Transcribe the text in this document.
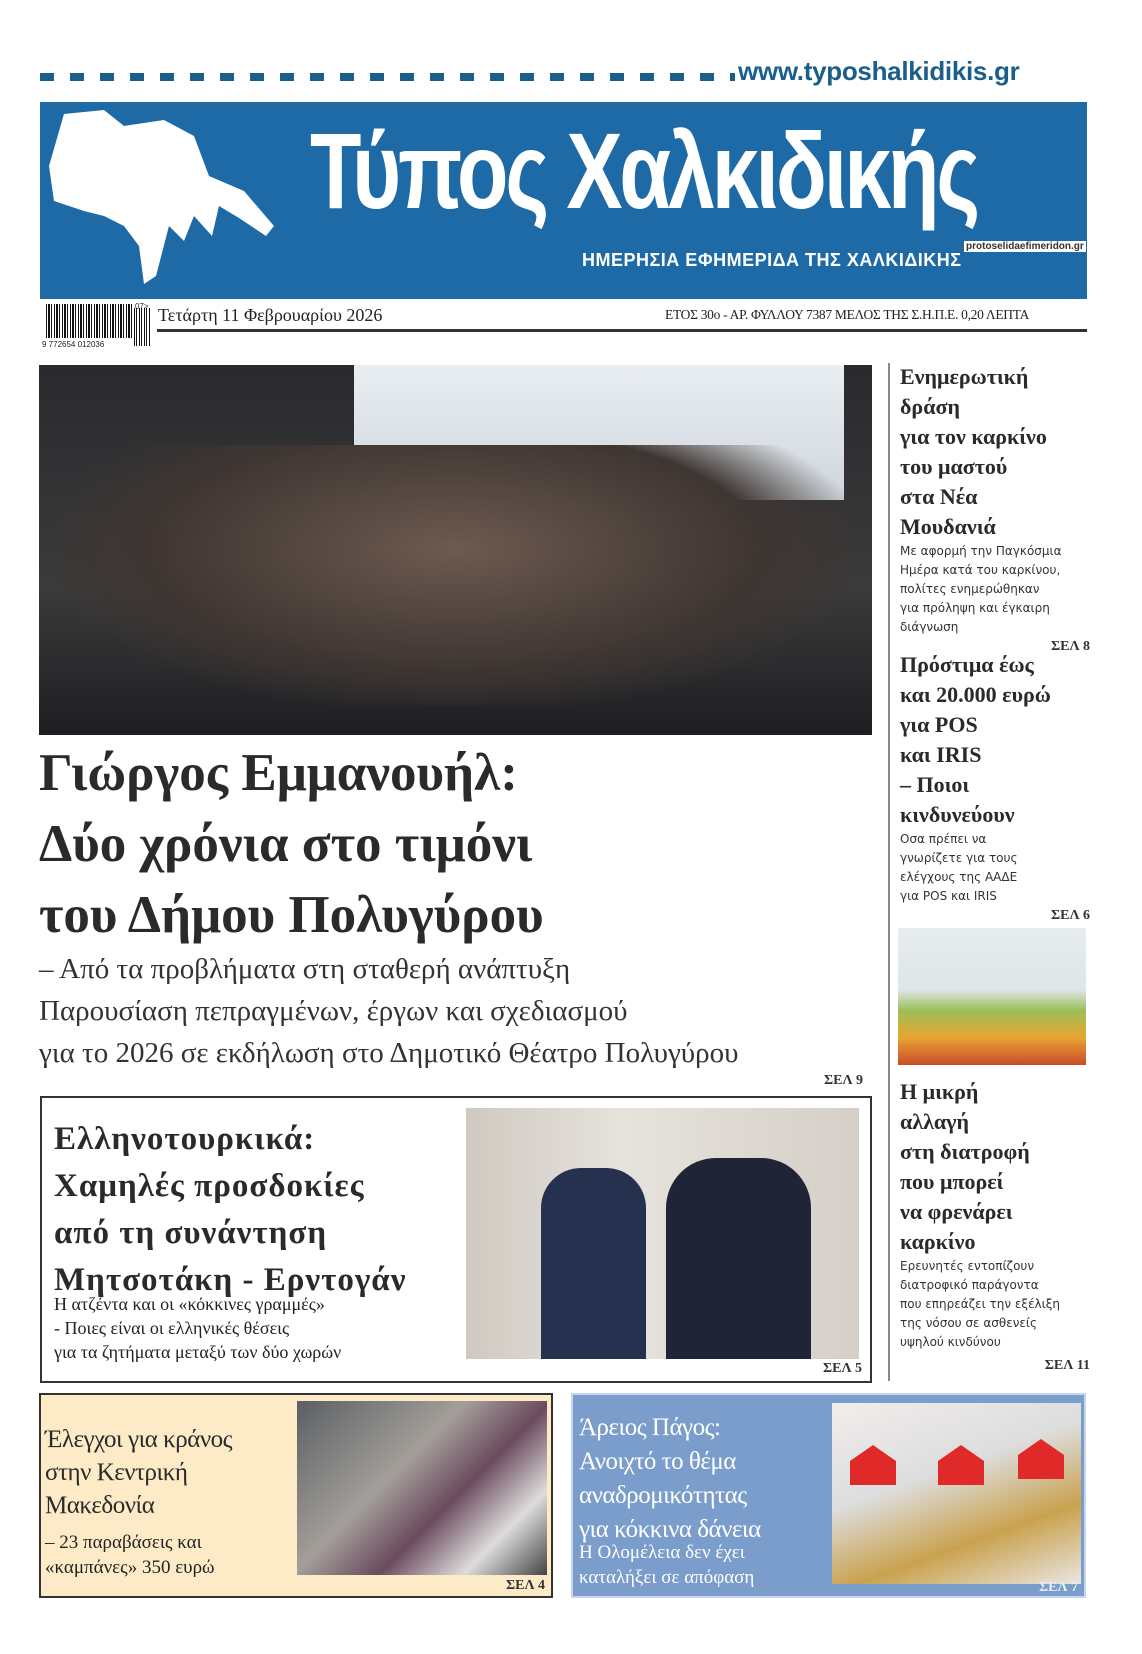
www.typoshalkidikis.gr
Τύπος Χαλκιδικής
ΗΜΕΡΗΣΙΑ ΕΦΗΜΕΡΙΔΑ ΤΗΣ ΧΑΛΚΙΔΙΚΗΣ
protoselidaefimeridon.gr
07>
9 772654 012036
Τετάρτη 11 Φεβρουαρίου 2026	ΕΤΟΣ 30ο - ΑΡ. ΦΥΛΛΟΥ 7387 ΜΕΛΟΣ ΤΗΣ Σ.Η.Π.Ε. 0,20 ΛΕΠΤΑ
Γιώργος Εμμανουήλ:
Δύο χρόνια στο τιμόνι
του Δήμου Πολυγύρου
– Από τα προβλήματα στη σταθερή ανάπτυξη
Παρουσίαση πεπραγμένων, έργων και σχεδιασμού
για το 2026 σε εκδήλωση στο Δημοτικό Θέατρο Πολυγύρου
ΣΕΛ 9
Ελληνοτουρκικά:
Χαμηλές προσδοκίες
από τη συνάντηση
Μητσοτάκη - Ερντογάν
Η ατζέντα και οι «κόκκινες γραμμές»
- Ποιες είναι οι ελληνικές θέσεις
για τα ζητήματα μεταξύ των δύο χωρών
ΣΕΛ 5
Ενημερωτική
δράση
για τον καρκίνο
του μαστού
στα Νέα
Μουδανιά
Με αφορμή την Παγκόσμια
Ημέρα κατά του καρκίνου,
πολίτες ενημερώθηκαν
για πρόληψη και έγκαιρη
διάγνωση
ΣΕΛ 8
Πρόστιμα έως
και 20.000 ευρώ
για POS
και IRIS
– Ποιοι
κινδυνεύουν
Οσα πρέπει να
γνωρίζετε για τους
ελέγχους της ΑΑΔΕ
για POS και IRIS
ΣΕΛ 6
Η μικρή
αλλαγή
στη διατροφή
που μπορεί
να φρενάρει
καρκίνο
Ερευνητές εντοπίζουν
διατροφικό παράγοντα
που επηρεάζει την εξέλιξη
της νόσου σε ασθενείς
υψηλού κινδύνου
ΣΕΛ 11
Έλεγχοι για κράνος
στην Κεντρική
Μακεδονία
– 23 παραβάσεις και
«καμπάνες» 350 ευρώ
ΣΕΛ 4
Άρειος Πάγος:
Ανοιχτό το θέμα
αναδρομικότητας
για κόκκινα δάνεια
Η Ολομέλεια δεν έχει
καταλήξει σε απόφαση	ΣΕΛ 7
